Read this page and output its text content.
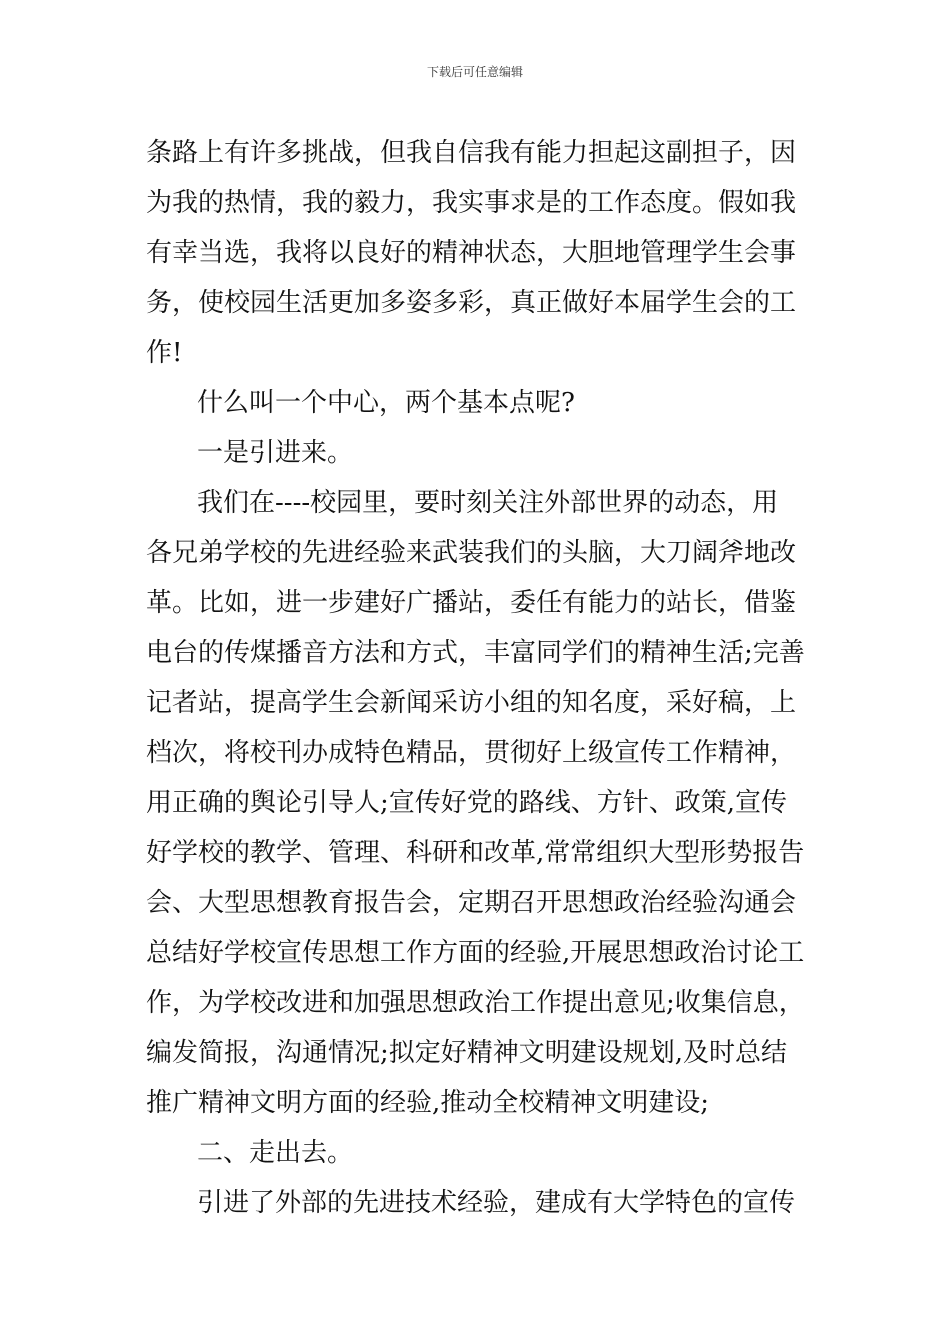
下载后可任意编辑
条路上有许多挑战，但我自信我有能力担起这副担子，因
为我的热情，我的毅力，我实事求是的工作态度。假如我
有幸当选，我将以良好的精神状态，大胆地管理学生会事
务，使校园生活更加多姿多彩，真正做好本届学生会的工
作!
什么叫一个中心，两个基本点呢?
一是引进来。
我们在----校园里，要时刻关注外部世界的动态，用
各兄弟学校的先进经验来武装我们的头脑，大刀阔斧地改
革。比如，进一步建好广播站，委任有能力的站长，借鉴
电台的传煤播音方法和方式，丰富同学们的精神生活;完善
记者站，提高学生会新闻采访小组的知名度，采好稿，上
档次，将校刊办成特色精品，贯彻好上级宣传工作精神，
用正确的舆论引导人;宣传好党的路线、方针、政策,宣传
好学校的教学、管理、科研和改革,常常组织大型形势报告
会、大型思想教育报告会，定期召开思想政治经验沟通会
总结好学校宣传思想工作方面的经验,开展思想政治讨论工
作，为学校改进和加强思想政治工作提出意见;收集信息，
编发简报，沟通情况;拟定好精神文明建设规划,及时总结
推广精神文明方面的经验,推动全校精神文明建设;
二、走出去。
引进了外部的先进技术经验，建成有大学特色的宣传
